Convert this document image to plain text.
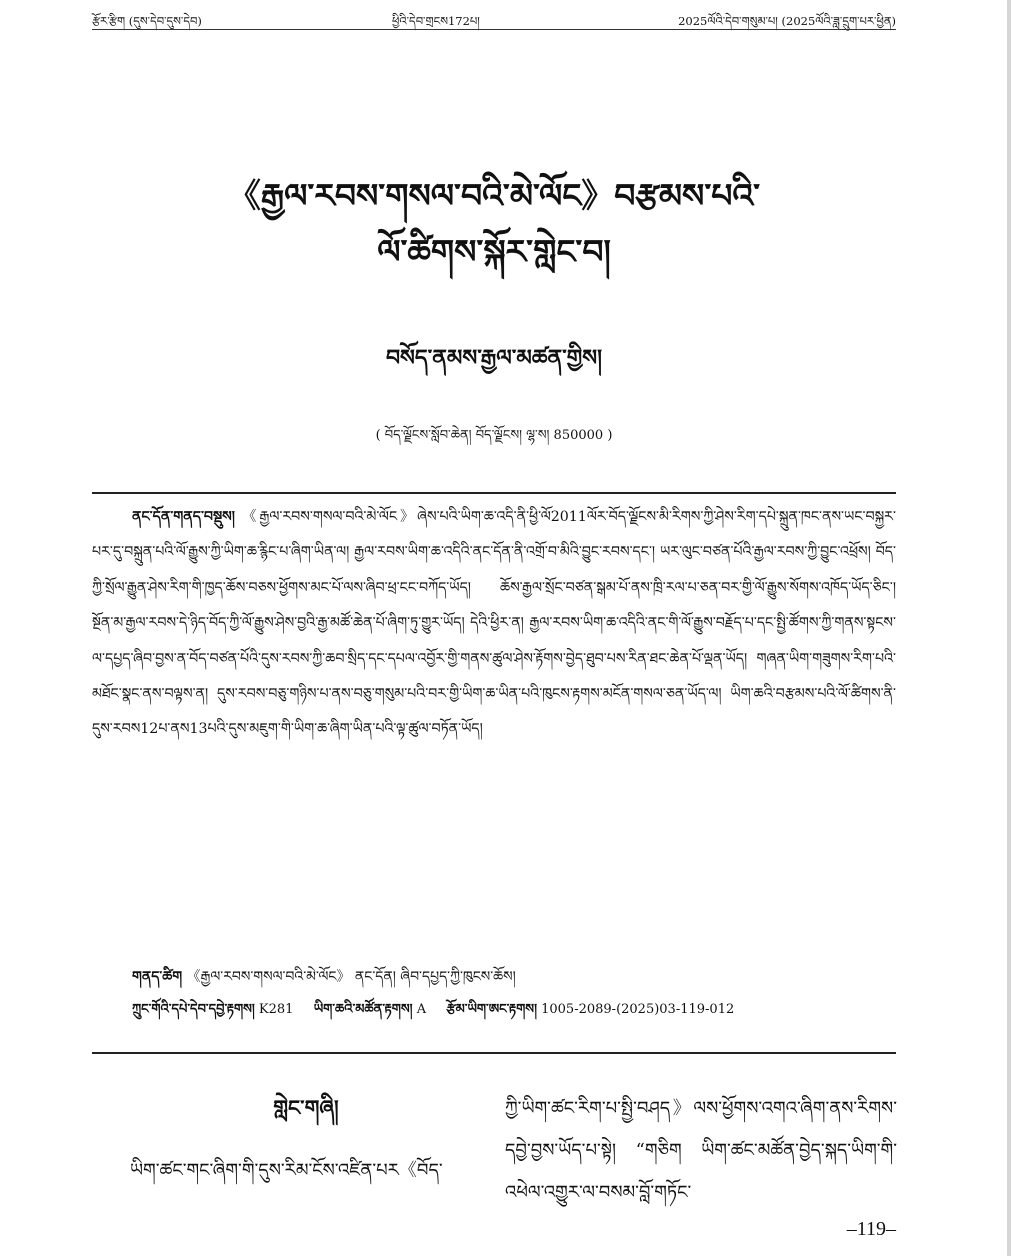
རྩོར་རྩིག (དུས་དེབ་དུས་དེབ)	ཕྱིའི་དེབ་གྲངས172པ།	2025ལོའི་དེབ་གསུམ་པ། (2025ལོའི་ཟླ་དྲུག་པར་ཕྱིན)
《རྒྱལ་རབས་གསལ་བའི་མེ་ལོང》བརྩམས་པའི་
ལོ་ཚིགས་སྐོར་གླེང་བ།
བསོད་ནམས་རྒྱལ་མཚན་གྱིས།
( བོད་ལྗོངས་སློབ་ཆེན། བོད་ལྗོངས། ལྷ་ས། 850000 )

ནང་དོན་གནད་བསྡུས། 《རྒྱལ་རབས་གསལ་བའི་མེ་ལོང》ཞེས་པའི་ཡིག་ཆ་འདི་ནི་ཕྱི་ལོ2011ལོར་བོད་ལྗོངས་མི་རིགས་ཀྱི་ཤེས་རིག་དཔེ་སྐྲུན་ཁང་ནས་ཡང་བསྐྱར་པར་དུ་བསྐྲུན་པའི་ལོ་རྒྱུས་ཀྱི་ཡིག་ཆ་རྙིང་པ་ཞིག་ཡིན་ལ། རྒྱལ་རབས་ཡིག་ཆ་འདིའི་ནང་དོན་ནི་འགྲོ་བ་མིའི་བྱུང་རབས་དང་། ཡར་ལུང་བཙན་པོའི་རྒྱལ་རབས་ཀྱི་བྱུང་འཕྲོས། བོད་ཀྱི་སྲོལ་རྒྱུན་ཤེས་རིག་གི་ཁྱད་ཆོས་བཅས་ཕྱོགས་མང་པོ་ལས་ཞིབ་ཕྲ་ངང་བཀོད་ཡོད། ཆོས་རྒྱལ་སྲོང་བཙན་སྒམ་པོ་ནས་ཁྲི་རལ་པ་ཅན་བར་གྱི་ལོ་རྒྱུས་སོགས་འཁོད་ཡོད་ཅིང་། སྔོན་མ་རྒྱལ་རབས་དེ་ཉིད་བོད་ཀྱི་ལོ་རྒྱུས་ཤེས་བྱའི་རྒྱ་མཚོ་ཆེན་པོ་ཞིག་ཏུ་གྱུར་ཡོད། དེའི་ཕྱིར་ན། རྒྱལ་རབས་ཡིག་ཆ་འདིའི་ནང་གི་ལོ་རྒྱུས་བརྗོད་པ་དང་སྤྱི་ཚོགས་ཀྱི་གནས་སྟངས་ལ་དཔྱད་ཞིབ་བྱས་ན་བོད་བཙན་པོའི་དུས་རབས་ཀྱི་ཆབ་སྲིད་དང་དཔལ་འབྱོར་གྱི་གནས་ཚུལ་ཤེས་རྟོགས་བྱེད་ཐུབ་པས་རིན་ཐང་ཆེན་པོ་ལྡན་ཡོད། གཞན་ཡིག་གཟུགས་རིག་པའི་མཐོང་སྣང་ནས་བལྟས་ན། དུས་རབས་བཅུ་གཉིས་པ་ནས་བཅུ་གསུམ་པའི་བར་གྱི་ཡིག་ཆ་ཡིན་པའི་ཁུངས་རྟགས་མངོན་གསལ་ཅན་ཡོད་ལ། ཡིག་ཆའི་བརྩམས་པའི་ལོ་ཚིགས་ནི་དུས་རབས12པ་ནས13པའི་དུས་མཇུག་གི་ཡིག་ཆ་ཞིག་ཡིན་པའི་ལྟ་ཚུལ་བཏོན་ཡོད།

གནད་ཚིག 《རྒྱལ་རབས་གསལ་བའི་མེ་ལོང》 ནང་དོན། ཞིབ་དཔྱད་ཀྱི་ཁུངས་ཆོས།

ཀྲུང་གོའི་དཔེ་དེབ་དབྱེ་རྟགས། K281 ཡིག་ཆའི་མཚོན་རྟགས། A རྩོམ་ཡིག་ཨང་རྟགས། 1005-2089-(2025)03-119-012

གླེང་གཞི།

ཡིག་ཚང་གང་ཞིག་གི་དུས་རིམ་ངོས་འཛིན་པར《བོད་

ཀྱི་ཡིག་ཚང་རིག་པ་སྤྱི་བཤད》ལས་ཕྱོགས་འགའ་ཞིག་ནས་རིགས་དབྱེ་བྱས་ཡོད་པ་སྟེ། “གཅིག ཡིག་ཚང་མཚོན་བྱེད་སྐད་ཡིག་གི་འཕེལ་འགྱུར་ལ་བསམ་བློ་གཏོང་

–119–
